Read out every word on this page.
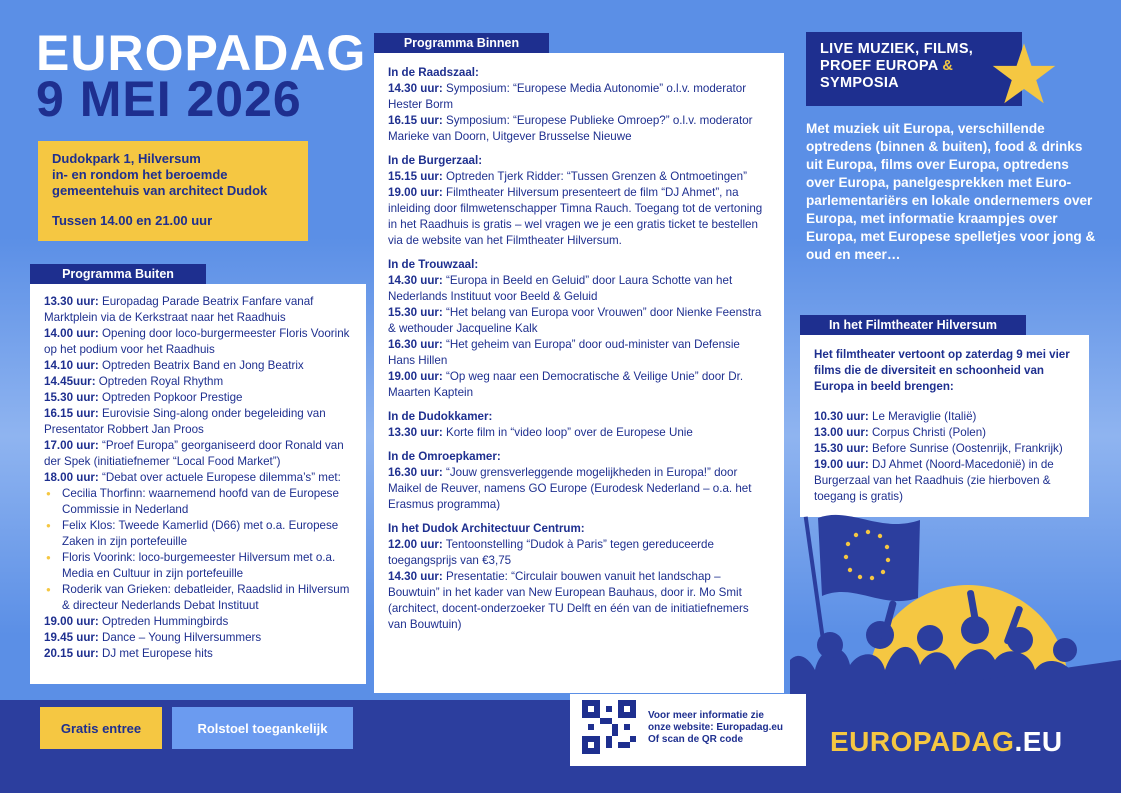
EUROPADAG
9 MEI 2026
Dudokpark 1, Hilversum
in- en rondom het beroemde
gemeentehuis van architect Dudok
Tussen 14.00 en 21.00 uur
Programma Buiten

13.30 uur: Europadag Parade Beatrix Fanfare vanaf Marktplein via de Kerkstraat naar het Raadhuis

14.00 uur: Opening door loco-burgermeester Floris Voorink op het podium voor het Raadhuis

14.10 uur: Optreden Beatrix Band en Jong Beatrix

14.45uur: Optreden Royal Rhythm

15.30 uur: Optreden Popkoor Prestige

16.15 uur: Eurovisie Sing-along onder begeleiding van Presentator Robbert Jan Proos

17.00 uur: “Proef Europa” georganiseerd door Ronald van der Spek (initiatiefnemer “Local Food Market”)

18.00 uur: “Debat over actuele Europese dilemma’s” met:

● Cecilia Thorfinn: waarnemend hoofd van de Europese Commissie in Nederland
● Felix Klos: Tweede Kamerlid (D66) met o.a. Europese Zaken in zijn portefeuille
● Floris Voorink: loco-burgemeester Hilversum met o.a. Media en Cultuur in zijn portefeuille
● Roderik van Grieken: debatleider, Raadslid in Hilversum & directeur Nederlands Debat Instituut

19.00 uur: Optreden Hummingbirds

19.45 uur: Dance – Young Hilversummers

20.15 uur: DJ met Europese hits

Programma Binnen
In de Raadszaal:

14.30 uur: Symposium: “Europese Media Autonomie” o.l.v. moderator Hester Borm

16.15 uur: Symposium: “Europese Publieke Omroep?” o.l.v. moderator Marieke van Doorn, Uitgever Brusselse Nieuwe

In de Burgerzaal:

15.15 uur: Optreden Tjerk Ridder: “Tussen Grenzen & Ontmoetingen”

19.00 uur: Filmtheater Hilversum presenteert de film “DJ Ahmet”, na inleiding door filmwetenschapper Timna Rauch. Toegang tot de vertoning in het Raadhuis is gratis – wel vragen we je een gratis ticket te bestellen via de website van het Filmtheater Hilversum.

In de Trouwzaal:

14.30 uur: “Europa in Beeld en Geluid” door Laura Schotte van het Nederlands Instituut voor Beeld & Geluid

15.30 uur: “Het belang van Europa voor Vrouwen” door Nienke Feenstra & wethouder Jacqueline Kalk

16.30 uur: “Het geheim van Europa” door oud-minister van Defensie Hans Hillen

19.00 uur: “Op weg naar een Democratische & Veilige Unie” door Dr. Maarten Kaptein

In de Dudokkamer:

13.30 uur: Korte film in “video loop” over de Europese Unie

In de Omroepkamer:

16.30 uur: “Jouw grensverleggende mogelijkheden in Europa!” door Maikel de Reuver, namens GO Europe (Eurodesk Nederland – o.a. het Erasmus programma)

In het Dudok Architectuur Centrum:

12.00 uur: Tentoonstelling “Dudok à Paris” tegen gereduceerde toegangsprijs van €3,75

14.30 uur: Presentatie: “Circulair bouwen vanuit het landschap – Bouwtuin” in het kader van New European Bauhaus, door ir. Mo Smit (architect, docent-onderzoeker TU Delft en één van de initiatiefnemers van Bouwtuin)

LIVE MUZIEK, FILMS,
PROEF EUROPA &
SYMPOSIA
Met muziek uit Europa, verschillende optredens (binnen & buiten), food & drinks uit Europa, films over Europa, optredens over Europa, panelgesprekken met Euro-parlementariërs en lokale ondernemers over Europa, met informatie kraampjes over Europa, met Europese spelletjes voor jong & oud en meer…
In het Filmtheater Hilversum

Het filmtheater vertoont op zaterdag 9 mei vier films die de diversiteit en schoonheid van Europa in beeld brengen:

10.30 uur: Le Meraviglie (Italië)

13.00 uur: Corpus Christi (Polen)

15.30 uur: Before Sunrise (Oostenrijk, Frankrijk)

19.00 uur: DJ Ahmet (Noord-Macedonië) in de Burgerzaal van het Raadhuis (zie hierboven & toegang is gratis)

Gratis entree	Rolstoel toegankelijk
Voor meer informatie zie
onze website: Europadag.eu
Of scan de QR code	EUROPADAG.EU
